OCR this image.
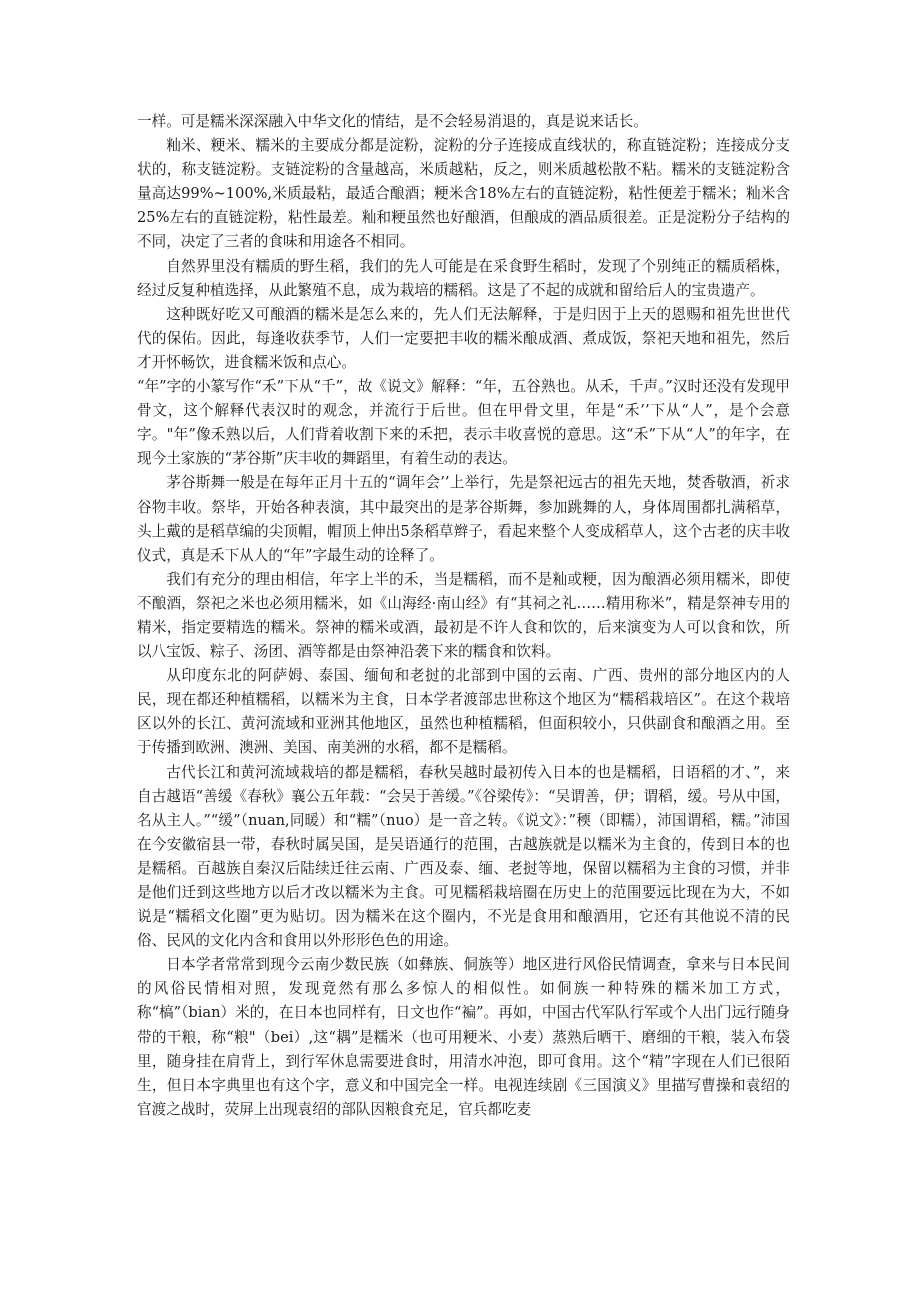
一样。可是糯米深深融入中华文化的情结，是不会轻易消退的，真是说来话长。

籼米、粳米、糯米的主要成分都是淀粉，淀粉的分子连接成直线状的，称直链淀粉；连接成分支状的，称支链淀粉。支链淀粉的含量越高，米质越粘，反之，则米质越松散不粘。糯米的支链淀粉含量高达99%~100%,米质最粘，最适合酿酒；粳米含18%左右的直链淀粉，粘性便差于糯米；籼米含25%左右的直链淀粉，粘性最差。籼和粳虽然也好酿酒，但酿成的酒品质很差。正是淀粉分子结构的不同，决定了三者的食味和用途各不相同。

自然界里没有糯质的野生稻，我们的先人可能是在采食野生稻时，发现了个别纯正的糯质稻株，经过反复种植选择，从此繁殖不息，成为栽培的糯稻。这是了不起的成就和留给后人的宝贵遗产。

这种既好吃又可酿酒的糯米是怎么来的，先人们无法解释，于是归因于上天的恩赐和祖先世世代代的保佑。因此，每逢收获季节，人们一定要把丰收的糯米酿成酒、煮成饭，祭祀天地和祖先，然后才开怀畅饮，进食糯米饭和点心。

“年”字的小篆写作“禾”下从“千”，故《说文》解释：“年，五谷熟也。从禾，千声。”汉时还没有发现甲骨文，这个解释代表汉时的观念，并流行于后世。但在甲骨文里，年是“禾’’下从“人”，是个会意字。"年”像禾熟以后，人们背着收割下来的禾把，表示丰收喜悦的意思。这“禾”下从“人”的年字，在现今土家族的“茅谷斯”庆丰收的舞蹈里，有着生动的表达。

茅谷斯舞一般是在每年正月十五的“调年会’’上举行，先是祭祀远古的祖先天地，焚香敬酒，祈求谷物丰收。祭毕，开始各种表演，其中最突出的是茅谷斯舞，参加跳舞的人，身体周围都扎满稻草，头上戴的是稻草编的尖顶帽，帽顶上伸出5条稻草辫子，看起来整个人变成稻草人，这个古老的庆丰收仪式，真是禾下从人的“年”字最生动的诠释了。

我们有充分的理由相信，年字上半的禾，当是糯稻，而不是籼或粳，因为酿酒必须用糯米，即使不酿酒，祭祀之米也必须用糯米，如《山海经·南山经》有“其祠之礼……精用称米”，精是祭神专用的精米，指定要精选的糯米。祭神的糯米或酒，最初是不许人食和饮的，后来演变为人可以食和饮，所以八宝饭、粽子、汤团、酒等都是由祭神沿袭下来的糯食和饮料。

从印度东北的阿萨姆、泰国、缅甸和老挝的北部到中国的云南、广西、贵州的部分地区内的人民，现在都还种植糯稻，以糯米为主食，日本学者渡部忠世称这个地区为“糯稻栽培区”。在这个栽培区以外的长江、黄河流域和亚洲其他地区，虽然也种植糯稻，但面积较小，只供副食和酿酒之用。至于传播到欧洲、澳洲、美国、南美洲的水稻，都不是糯稻。

古代长江和黄河流域栽培的都是糯稻，春秋吴越时最初传入日本的也是糯稻，日语稻的才、”，来自古越语“善缓《春秋》襄公五年载：“会吴于善缓。”《谷梁传》：“吴谓善，伊；谓稻，缓。号从中国，名从主人。”“缓”（nuan,同暖）和“糯”（nuo）是一音之转。《说文》：”稬（即糯），沛国谓稻，糯。”沛国在今安徽宿县一带，春秋时属吴国，是吴语通行的范围，古越族就是以糯米为主食的，传到日本的也是糯稻。百越族自秦汉后陆续迁往云南、广西及泰、缅、老挝等地，保留以糯稻为主食的习惯，并非是他们迁到这些地方以后才改以糯米为主食。可见糯稻栽培圈在历史上的范围要远比现在为大，不如说是“糯稻文化圈”更为贴切。因为糯米在这个圈内，不光是食用和酿酒用，它还有其他说不清的民俗、民风的文化内含和食用以外形形色色的用途。

日本学者常常到现今云南少数民族（如彝族、侗族等）地区进行风俗民情调查，拿来与日本民间的风俗民情相对照，发现竟然有那么多惊人的相似性。如侗族一种特殊的糯米加工方式，称“槁”（bian）米的，在日本也同样有，日文也作“褊”。再如，中国古代军队行军或个人出门远行随身带的干粮，称“粮"（bei）,这“耦”是糯米（也可用粳米、小麦）蒸熟后晒干、磨细的干粮，装入布袋里，随身挂在肩背上，到行军休息需要进食时，用清水冲泡，即可食用。这个“精”字现在人们已很陌生，但日本字典里也有这个字，意义和中国完全一样。电视连续剧《三国演义》里描写曹操和袁绍的官渡之战时，荧屏上出现袁绍的部队因粮食充足，官兵都吃麦
